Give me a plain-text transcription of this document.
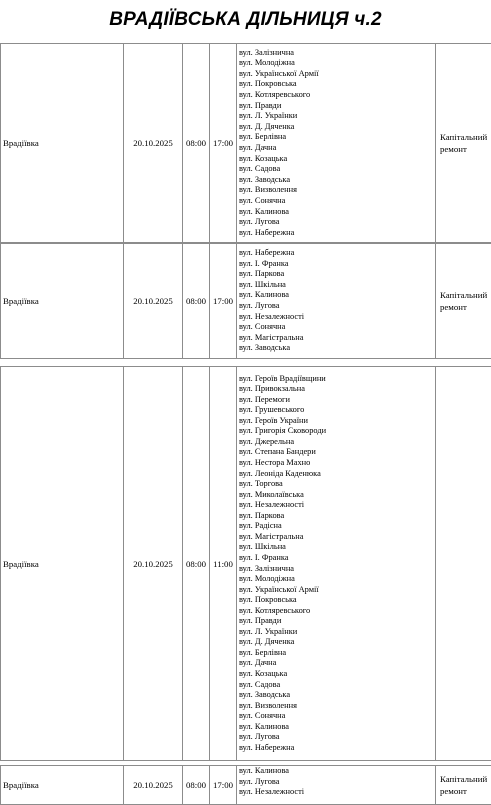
ВРАДІЇВСЬКА ДІЛЬНИЦЯ ч.2
Врадіївка	20.10.2025	08:00	17:00	
вул. Залізнична
вул. Молодіжна
вул. Української Армії
вул. Покровська
вул. Котляревського
вул. Правди
вул. Л. Українки
вул. Д. Дяченка
вул. Берлівна
вул. Дачна
вул. Козацька
вул. Садова
вул. Заводська
вул. Визволення
вул. Сонячна
вул. Калинова
вул. Лугова
вул. Набережна
	Капітальний ремонт
Врадіївка	20.10.2025	08:00	17:00	
вул. Набережна
вул. І. Франка
вул. Паркова
вул. Шкільна
вул. Калинова
вул. Лугова
вул. Незалежності
вул. Сонячна
вул. Магістральна
вул. Заводська
	Капітальний ремонт
Врадіївка	20.10.2025	08:00	11:00	
вул. Героїв Врадіївщини
вул. Привокзальна
вул. Перемоги
вул. Грушевського
вул. Героїв України
вул. Григорія Сковороди
вул. Джерельна
вул. Степана Бандери
вул. Нестора Махно
вул. Леоніда Каденюка
вул. Торгова
вул. Миколаївська
вул. Незалежності
вул. Паркова
вул. Радісна
вул. Магістральна
вул. Шкільна
вул. І. Франка
вул. Залізнична
вул. Молодіжна
вул. Української Армії
вул. Покровська
вул. Котляревського
вул. Правди
вул. Л. Українки
вул. Д. Дяченка
вул. Берлівна
вул. Дачна
вул. Козацька
вул. Садова
вул. Заводська
вул. Визволення
вул. Сонячна
вул. Калинова
вул. Лугова
вул. Набережна

Врадіївка	20.10.2025	08:00	17:00	
вул. Калинова
вул. Лугова
вул. Незалежності
	Капітальний ремонт
